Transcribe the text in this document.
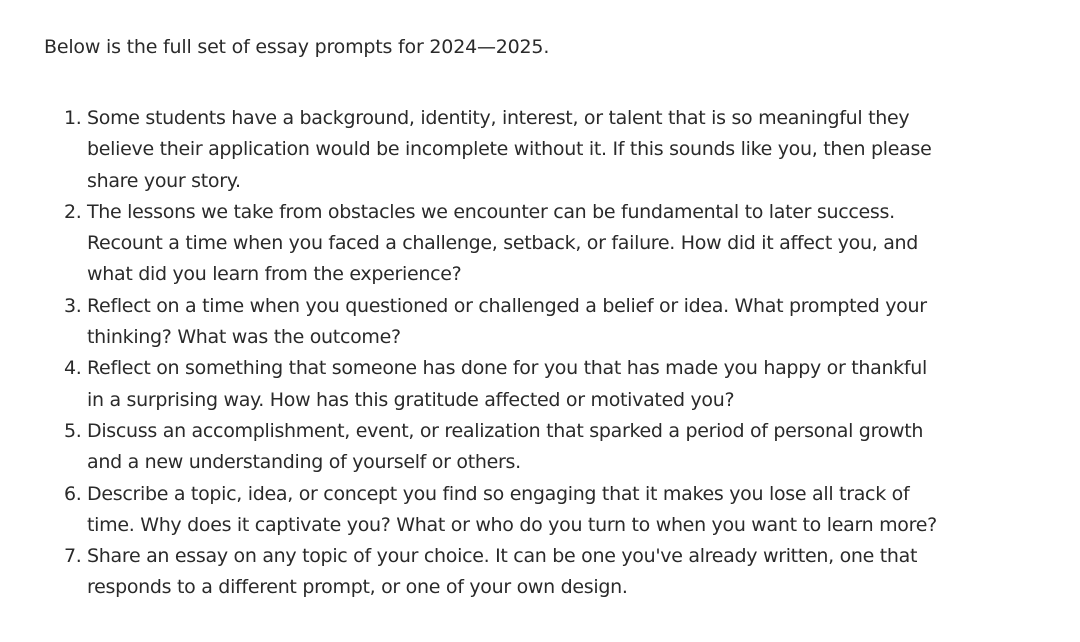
Below is the full set of essay prompts for 2024—2025.

1. Some students have a background, identity, interest, or talent that is so meaningful they believe their application would be incomplete without it. If this sounds like you, then please share your story.
2. The lessons we take from obstacles we encounter can be fundamental to later success. Recount a time when you faced a challenge, setback, or failure. How did it affect you, and what did you learn from the experience?
3. Reflect on a time when you questioned or challenged a belief or idea. What prompted your thinking? What was the outcome?
4. Reflect on something that someone has done for you that has made you happy or thankful in a surprising way. How has this gratitude affected or motivated you?
5. Discuss an accomplishment, event, or realization that sparked a period of personal growth and a new understanding of yourself or others.
6. Describe a topic, idea, or concept you find so engaging that it makes you lose all track of time. Why does it captivate you? What or who do you turn to when you want to learn more?
7. Share an essay on any topic of your choice. It can be one you've already written, one that responds to a different prompt, or one of your own design.
